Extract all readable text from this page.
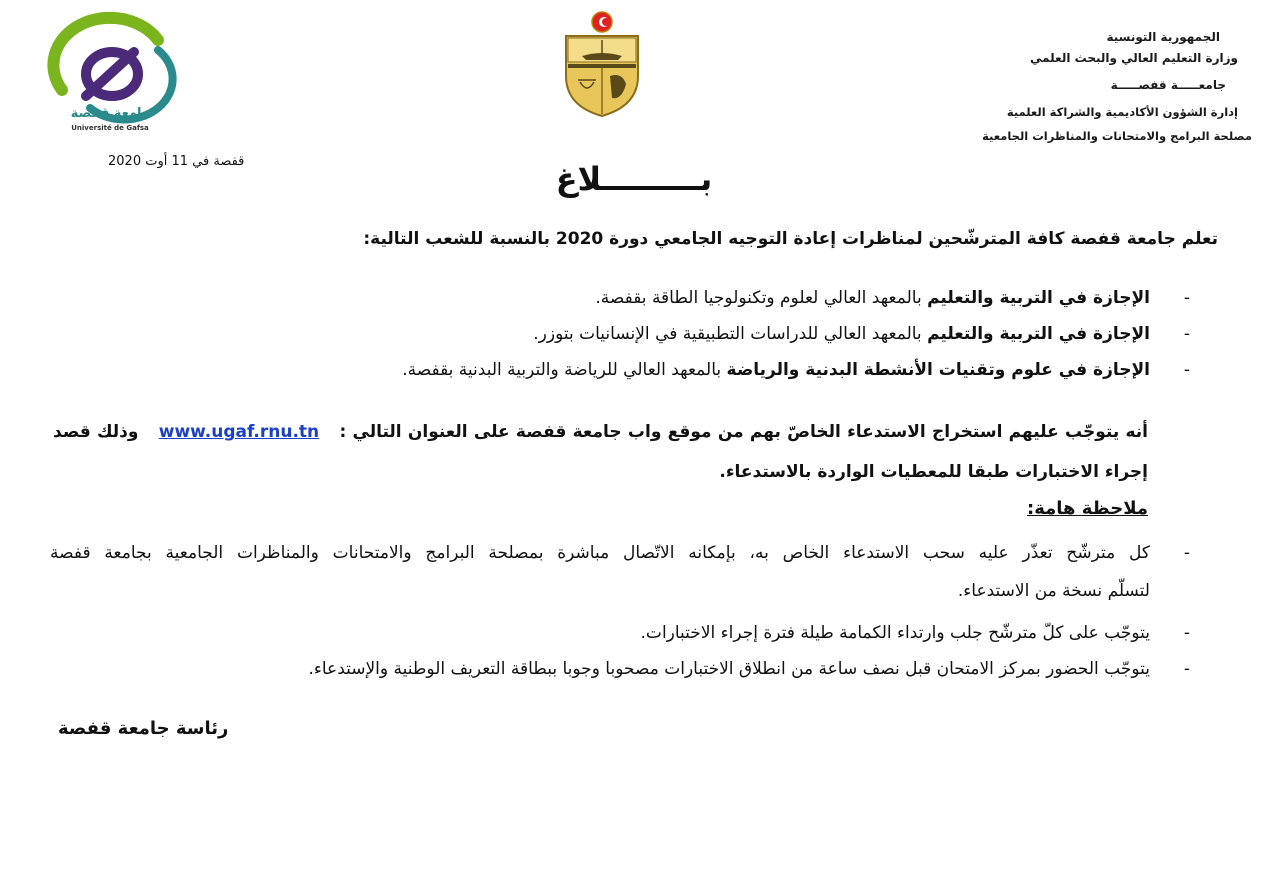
جامعة قفصة
Université de Gafsa
الجمهورية التونسية
وزارة التعليم العالي والبحث العلمي
جامعـــــة قفصـــــة
إدارة الشؤون الأكاديمية والشراكة العلمية
مصلحة البرامج والامتحانات والمناظرات الجامعية
قفصة في 11 أوت 2020	بـــــــــلاغ
تعلم جامعة قفصة كافة المترشّحين لمناظرات إعادة التوجيه الجامعي دورة 2020 بالنسبة للشعب التالية:
-
الإجازة في التربية والتعليم بالمعهد العالي لعلوم وتكنولوجيا الطاقة بقفصة.
-
الإجازة في التربية والتعليم بالمعهد العالي للدراسات التطبيقية في الإنسانيات بتوزر.
-
الإجازة في علوم وتقنيات الأنشطة البدنية والرياضة بالمعهد العالي للرياضة والتربية البدنية بقفصة.
أنه يتوجّب عليهم استخراج الاستدعاء الخاصّ بهم من موقع واب جامعة قفصة على العنوان التالي : www.ugaf.rnu.tn وذلك قصد
إجراء الاختبارات طبقا للمعطيات الواردة بالاستدعاء.
ملاحظة هامة:
-
كل مترشّح تعذّر عليه سحب الاستدعاء الخاص به، بإمكانه الاتّصال مباشرة بمصلحة البرامج والامتحانات والمناظرات الجامعية بجامعة قفصة
لتسلّم نسخة من الاستدعاء.
-
يتوجّب على كلّ مترشّح جلب وارتداء الكمامة طيلة فترة إجراء الاختبارات.
-
يتوجّب الحضور بمركز الامتحان قبل نصف ساعة من انطلاق الاختبارات مصحوبا وجوبا ببطاقة التعريف الوطنية والإستدعاء.
رئاسة جامعة قفصة
